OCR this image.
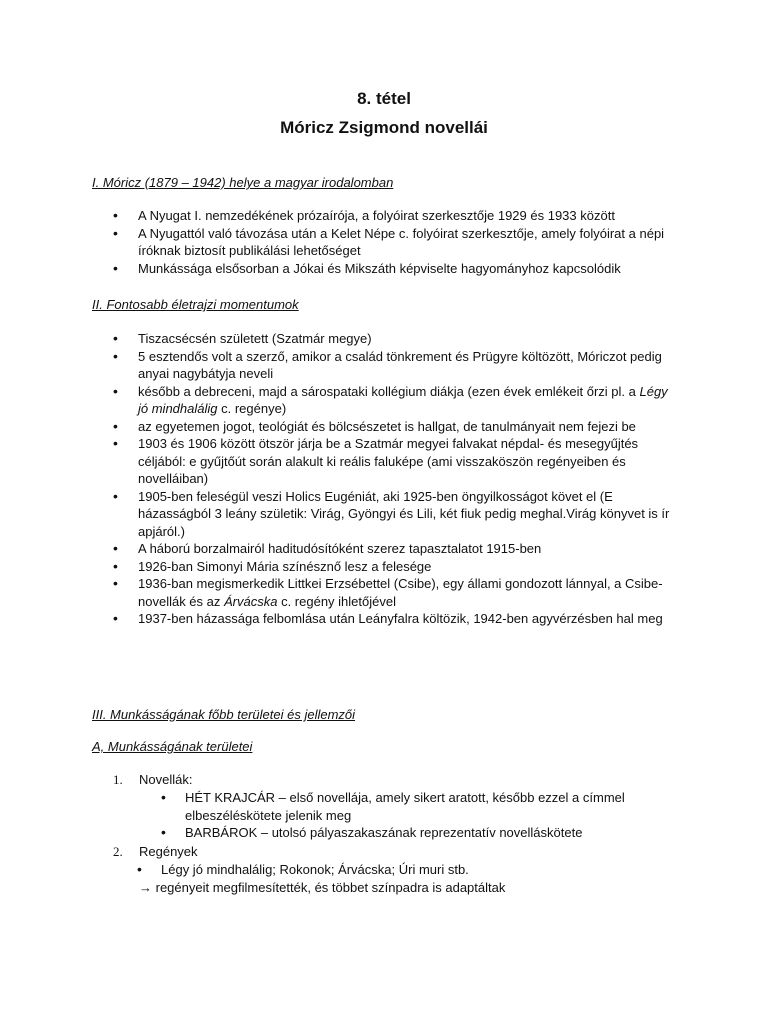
8. tétel
Móricz Zsigmond novellái
I. Móricz (1879 – 1942) helye a magyar irodalomban
• A Nyugat I. nemzedékének prózaírója, a folyóirat szerkesztője 1929 és 1933 között
• A Nyugattól való távozása után a Kelet Népe c. folyóirat szerkesztője, amely folyóirat a népi íróknak biztosít publikálási lehetőséget
• Munkássága elsősorban a Jókai és Mikszáth képviselte hagyományhoz kapcsolódik
II. Fontosabb életrajzi momentumok
• Tiszacsécsén született (Szatmár megye)
• 5 esztendős volt a szerző, amikor a család tönkrement és Prügyre költözött, Móriczot pedig anyai nagybátyja neveli
• később a debreceni, majd a sárospataki kollégium diákja (ezen évek emlékeit őrzi pl. a Légy jó mindhalálig c. regénye)
• az egyetemen jogot, teológiát és bölcsészetet is hallgat, de tanulmányait nem fejezi be
• 1903 és 1906 között ötször járja be a Szatmár megyei falvakat népdal- és mesegyűjtés céljából: e gyűjtőút során alakult ki reális faluképe (ami visszaköszön regényeiben és novelláiban)
• 1905-ben feleségül veszi Holics Eugéniát, aki 1925-ben öngyilkosságot követ el (E házasságból 3 leány születik: Virág, Gyöngyi és Lili, két fiuk pedig meghal.Virág könyvet is ír apjáról.)
• A háború borzalmairól haditudósítóként szerez tapasztalatot 1915-ben
• 1926-ban Simonyi Mária színésznő lesz a felesége
• 1936-ban megismerkedik Littkei Erzsébettel (Csibe), egy állami gondozott lánnyal, a Csibe-novellák és az Árvácska c. regény ihletőjével
• 1937-ben házassága felbomlása után Leányfalra költözik, 1942-ben agyvérzésben hal meg
III. Munkásságának főbb területei és jellemzői
A, Munkásságának területei
1. Novellák:
• HÉT KRAJCÁR – első novellája, amely sikert aratott, később ezzel a címmel elbeszéléskötete jelenik meg
• BARBÁROK – utolsó pályaszakaszának reprezentatív novelláskötete
2. Regények
• Légy jó mindhalálig; Rokonok; Árvácska; Úri muri stb.
→ regényeit megfilmesítették, és többet színpadra is adaptáltak
